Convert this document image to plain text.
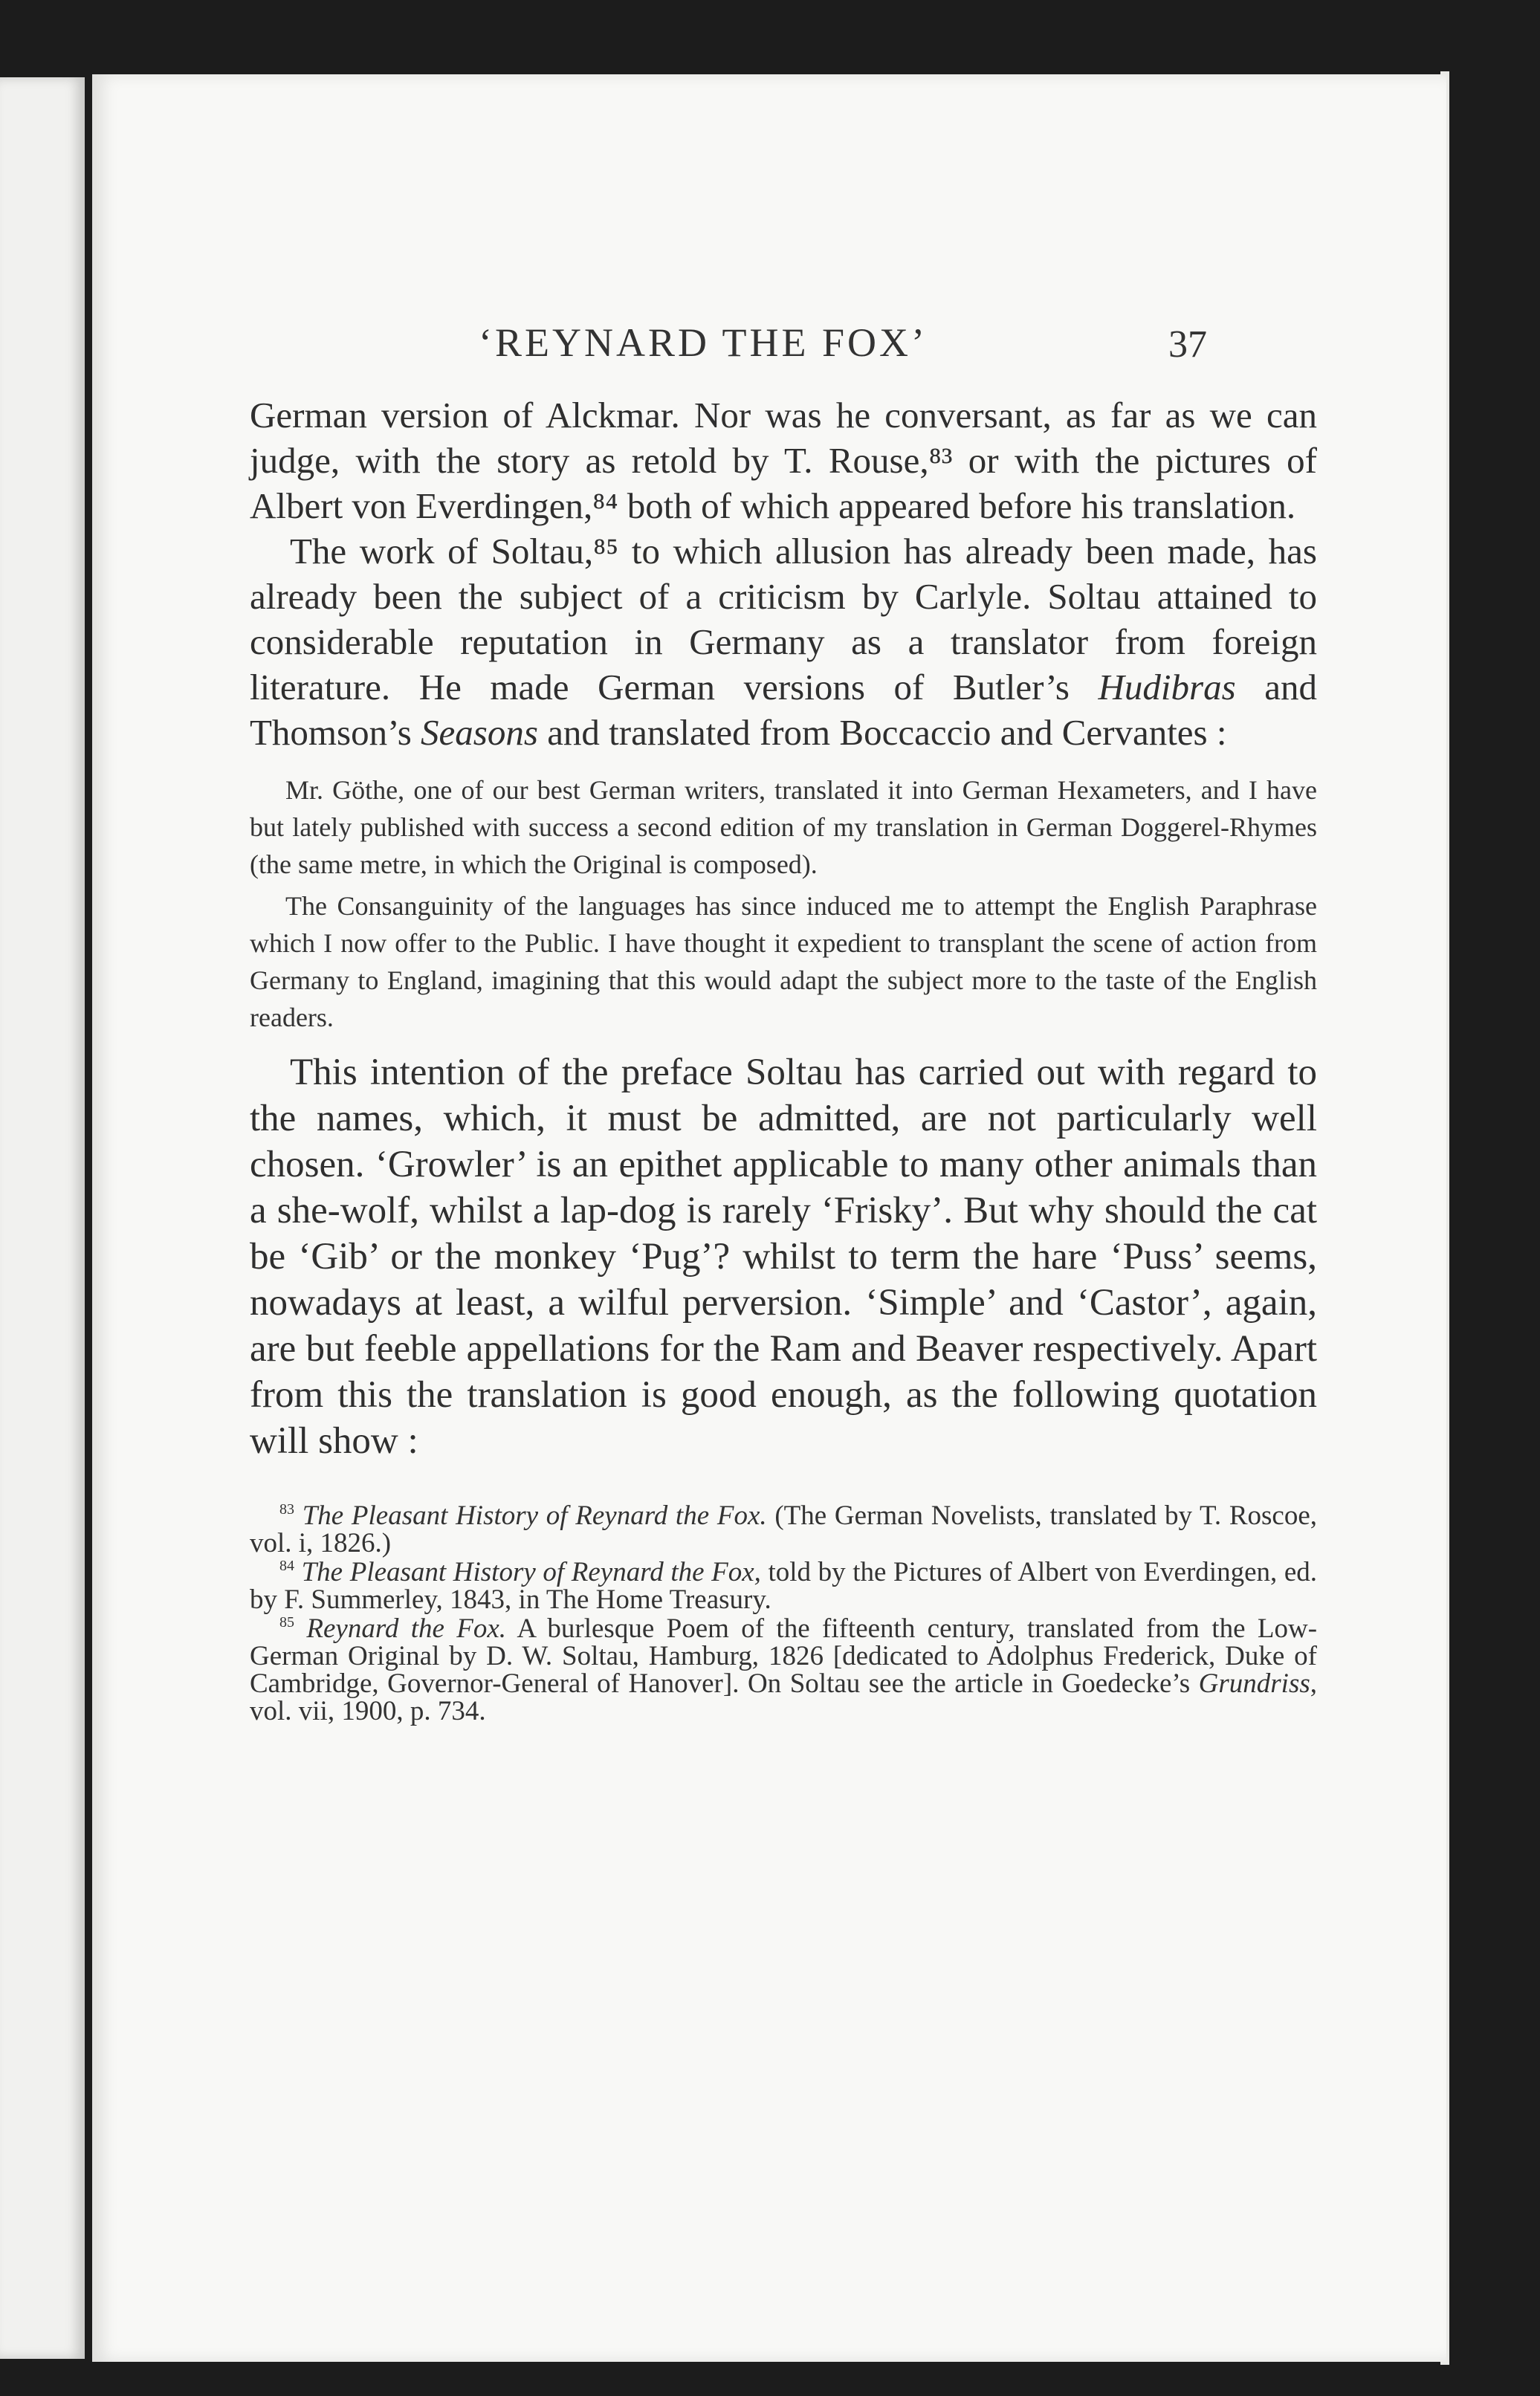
‘REYNARD THE FOX’	37

German version of Alckmar. Nor was he conversant, as far as we can judge, with the story as retold by T. Rouse,⁸³ or with the pictures of Albert von Everdingen,⁸⁴ both of which appeared before his translation.

The work of Soltau,⁸⁵ to which allusion has already been made, has already been the subject of a criticism by Carlyle. Soltau attained to considerable reputation in Germany as a translator from foreign literature. He made German versions of Butler’s Hudibras and Thomson’s Seasons and translated from Boccaccio and Cervantes :

Mr. Göthe, one of our best German writers, translated it into German Hexameters, and I have but lately published with success a second edition of my translation in German Doggerel-Rhymes (the same metre, in which the Original is composed).

The Consanguinity of the languages has since induced me to attempt the English Paraphrase which I now offer to the Public. I have thought it expedient to transplant the scene of action from Germany to England, imagining that this would adapt the subject more to the taste of the English readers.

This intention of the preface Soltau has carried out with regard to the names, which, it must be admitted, are not particularly well chosen. ‘Growler’ is an epithet applicable to many other animals than a she-wolf, whilst a lap-dog is rarely ‘Frisky’. But why should the cat be ‘Gib’ or the monkey ‘Pug’? whilst to term the hare ‘Puss’ seems, nowadays at least, a wilful perversion. ‘Simple’ and ‘Castor’, again, are but feeble appellations for the Ram and Beaver respectively. Apart from this the translation is good enough, as the following quotation will show :

$^{83}$ The Pleasant History of Reynard the Fox. (The German Novelists, translated by T. Roscoe, vol. i, 1826.)

$^{84}$ The Pleasant History of Reynard the Fox, told by the Pictures of Albert von Everdingen, ed. by F. Summerley, 1843, in The Home Treasury.

$^{85}$ Reynard the Fox. A burlesque Poem of the fifteenth century, translated from the Low-German Original by D. W. Soltau, Hamburg, 1826 [dedicated to Adolphus Frederick, Duke of Cambridge, Governor-General of Hanover]. On Soltau see the article in Goedecke’s Grundriss, vol. vii, 1900, p. 734.
